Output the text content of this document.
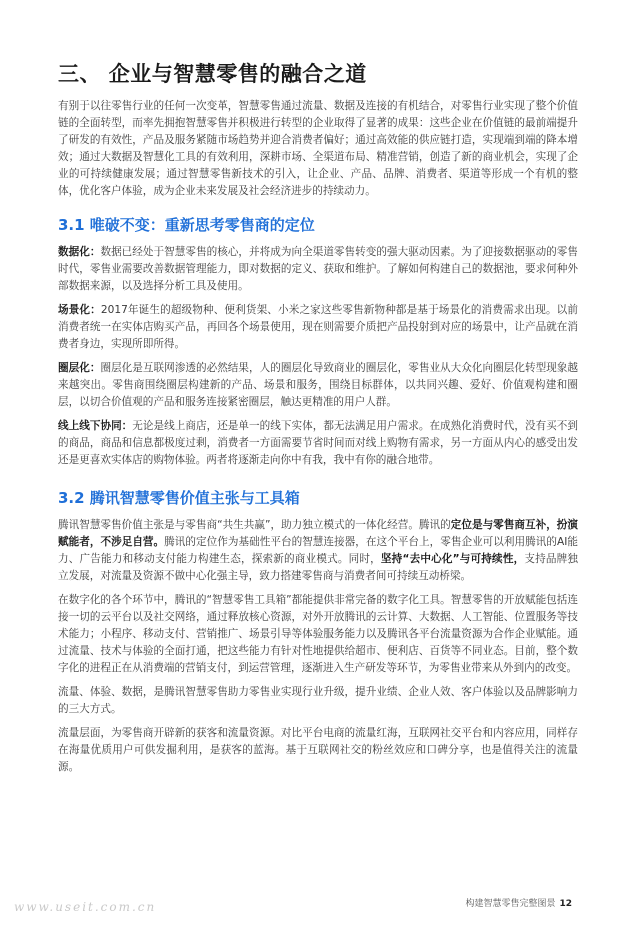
三、 企业与智慧零售的融合之道

有别于以往零售行业的任何一次变革，智慧零售通过流量、数据及连接的有机结合，对零售行业实现了整个价值链的全面转型，而率先拥抱智慧零售并积极进行转型的企业取得了显著的成果：这些企业在价值链的最前端提升了研发的有效性，产品及服务紧随市场趋势并迎合消费者偏好；通过高效能的供应链打造，实现端到端的降本增效；通过大数据及智慧化工具的有效利用，深耕市场、全渠道布局、精准营销，创造了新的商业机会，实现了企业的可持续健康发展；通过智慧零售新技术的引入，让企业、产品、品牌、消费者、渠道等形成一个有机的整体，优化客户体验，成为企业未来发展及社会经济进步的持续动力。

3.1 唯破不变：重新思考零售商的定位

数据化：数据已经处于智慧零售的核心，并将成为向全渠道零售转变的强大驱动因素。为了迎接数据驱动的零售时代，零售业需要改善数据管理能力，即对数据的定义、获取和维护。了解如何构建自己的数据池，要求何种外部数据来源，以及选择分析工具及使用。

场景化：2017年诞生的超级物种、便利货架、小米之家这些零售新物种都是基于场景化的消费需求出现。以前消费者统一在实体店购买产品，再回各个场景使用，现在则需要介质把产品投射到对应的场景中，让产品就在消费者身边，实现所即所得。

圈层化：圈层化是互联网渗透的必然结果，人的圈层化导致商业的圈层化，零售业从大众化向圈层化转型现象越来越突出。零售商围绕圈层构建新的产品、场景和服务，围绕目标群体，以共同兴趣、爱好、价值观构建和圈层，以切合价值观的产品和服务连接紧密圈层，触达更精准的用户人群。

线上线下协同：无论是线上商店，还是单一的线下实体，都无法满足用户需求。在成熟化消费时代，没有买不到的商品，商品和信息都极度过剩，消费者一方面需要节省时间而对线上购物有需求，另一方面从内心的感受出发还是更喜欢实体店的购物体验。两者将逐渐走向你中有我，我中有你的融合地带。

3.2 腾讯智慧零售价值主张与工具箱

腾讯智慧零售价值主张是与零售商“共生共赢”，助力独立模式的一体化经营。腾讯的定位是与零售商互补，扮演赋能者，不涉足自营。腾讯的定位作为基础性平台的智慧连接器，在这个平台上，零售企业可以利用腾讯的AI能力、广告能力和移动支付能力构建生态，探索新的商业模式。同时，坚持“去中心化”与可持续性，支持品牌独立发展，对流量及资源不做中心化强主导，致力搭建零售商与消费者间可持续互动桥梁。

在数字化的各个环节中，腾讯的“智慧零售工具箱”都能提供非常完备的数字化工具。智慧零售的开放赋能包括连接一切的云平台以及社交网络，通过释放核心资源，对外开放腾讯的云计算、大数据、人工智能、位置服务等技术能力；小程序、移动支付、营销推广、场景引导等体验服务能力以及腾讯各平台流量资源为合作企业赋能。通过流量、技术与体验的全面打通，把这些能力有针对性地提供给超市、便利店、百货等不同业态。目前，整个数字化的进程正在从消费端的营销支付，到运营管理，逐渐进入生产研发等环节，为零售业带来从外到内的改变。

流量、体验、数据，是腾讯智慧零售助力零售业实现行业升级，提升业绩、企业人效、客户体验以及品牌影响力的三大方式。

流量层面，为零售商开辟新的获客和流量资源。对比平台电商的流量红海，互联网社交平台和内容应用，同样存在海量优质用户可供发掘利用，是获客的蓝海。基于互联网社交的粉丝效应和口碑分享，也是值得关注的流量源。

www.useit.com.cn	构建智慧零售完整图景 12
